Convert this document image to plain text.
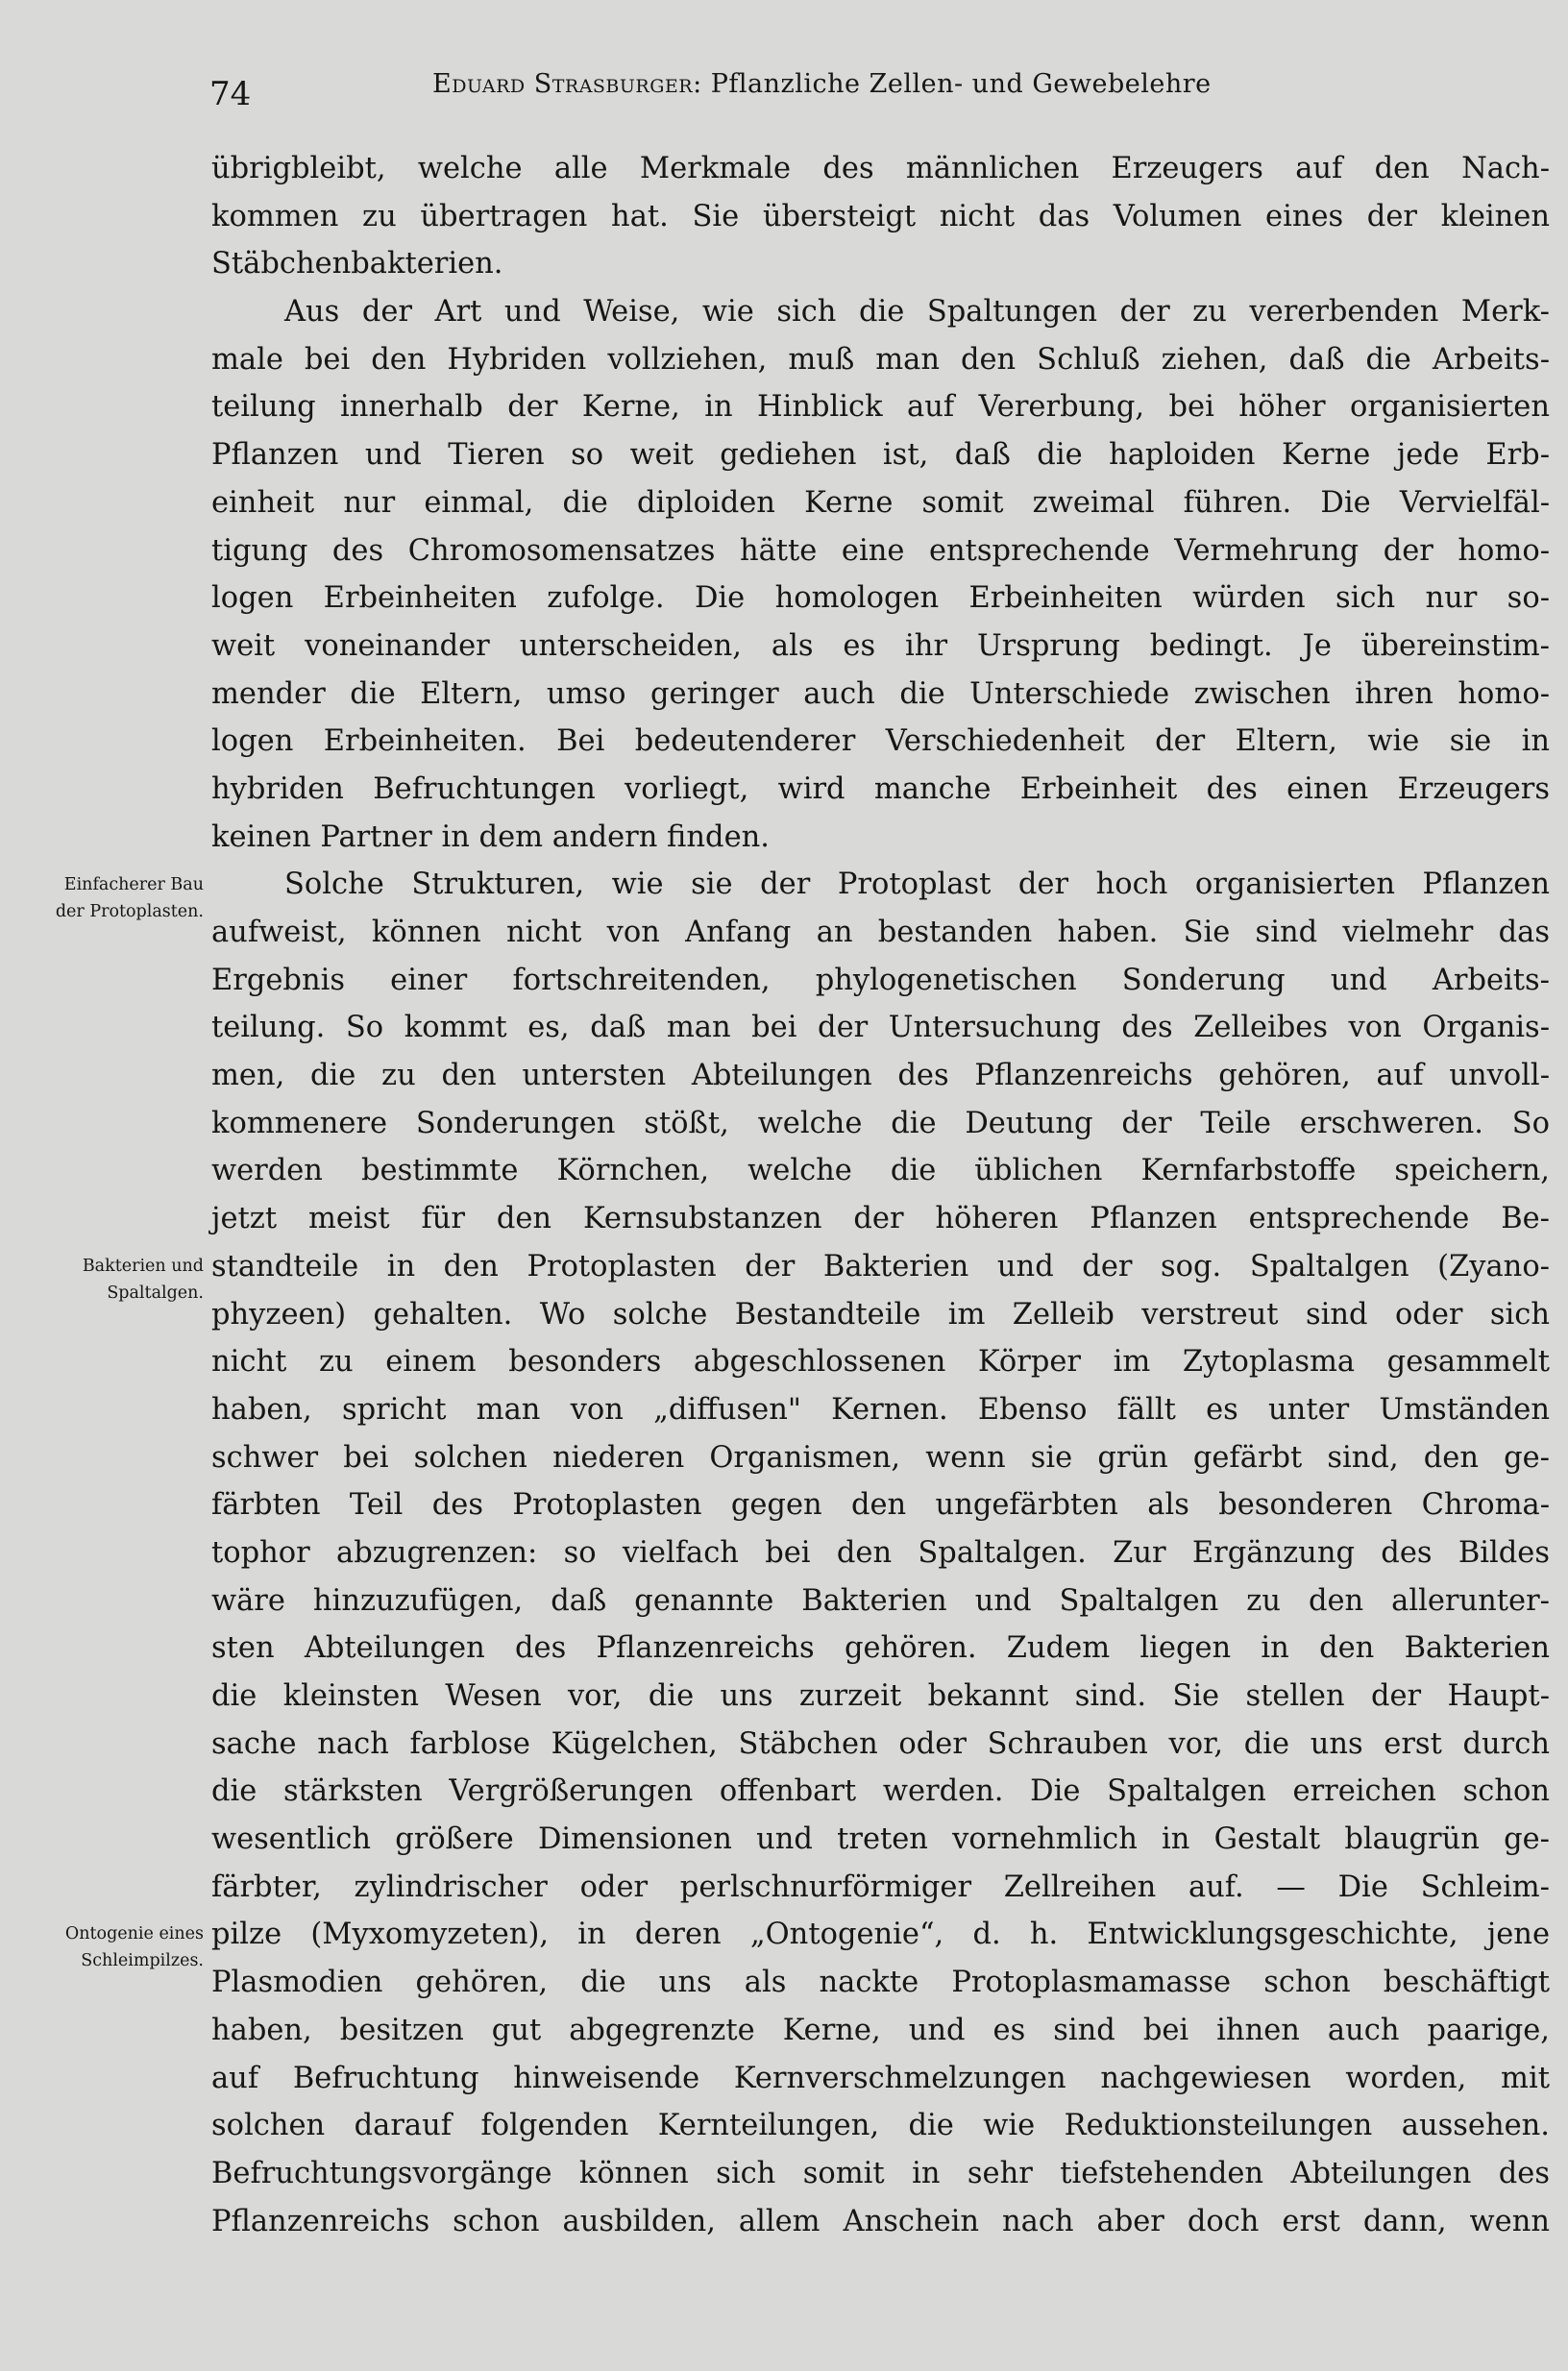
74	Eduard Strasburger: Pflanzliche Zellen- und Gewebelehre
Einfacherer Bau
der Protoplasten.
Bakterien und
Spaltalgen.
Ontogenie eines
Schleimpilzes.
übrigbleibt, welche alle Merkmale des männlichen Erzeugers auf den Nach-
kommen zu übertragen hat. Sie übersteigt nicht das Volumen eines der kleinen
Stäbchenbakterien.
Aus der Art und Weise, wie sich die Spaltungen der zu vererbenden Merk-
male bei den Hybriden vollziehen, muß man den Schluß ziehen, daß die Arbeits-
teilung innerhalb der Kerne, in Hinblick auf Vererbung, bei höher organisierten
Pflanzen und Tieren so weit gediehen ist, daß die haploiden Kerne jede Erb-
einheit nur einmal, die diploiden Kerne somit zweimal führen. Die Vervielfäl-
tigung des Chromosomensatzes hätte eine entsprechende Vermehrung der homo-
logen Erbeinheiten zufolge. Die homologen Erbeinheiten würden sich nur so-
weit voneinander unterscheiden, als es ihr Ursprung bedingt. Je übereinstim-
mender die Eltern, umso geringer auch die Unterschiede zwischen ihren homo-
logen Erbeinheiten. Bei bedeutenderer Verschiedenheit der Eltern, wie sie in
hybriden Befruchtungen vorliegt, wird manche Erbeinheit des einen Erzeugers
keinen Partner in dem andern finden.
Solche Strukturen, wie sie der Protoplast der hoch organisierten Pflanzen
aufweist, können nicht von Anfang an bestanden haben. Sie sind vielmehr das
Ergebnis einer fortschreitenden, phylogenetischen Sonderung und Arbeits-
teilung. So kommt es, daß man bei der Untersuchung des Zelleibes von Organis-
men, die zu den untersten Abteilungen des Pflanzenreichs gehören, auf unvoll-
kommenere Sonderungen stößt, welche die Deutung der Teile erschweren. So
werden bestimmte Körnchen, welche die üblichen Kernfarbstoffe speichern,
jetzt meist für den Kernsubstanzen der höheren Pflanzen entsprechende Be-
standteile in den Protoplasten der Bakterien und der sog. Spaltalgen (Zyano-
phyzeen) gehalten. Wo solche Bestandteile im Zelleib verstreut sind oder sich
nicht zu einem besonders abgeschlossenen Körper im Zytoplasma gesammelt
haben, spricht man von „diffusen" Kernen. Ebenso fällt es unter Umständen
schwer bei solchen niederen Organismen, wenn sie grün gefärbt sind, den ge-
färbten Teil des Protoplasten gegen den ungefärbten als besonderen Chroma-
tophor abzugrenzen: so vielfach bei den Spaltalgen. Zur Ergänzung des Bildes
wäre hinzuzufügen, daß genannte Bakterien und Spaltalgen zu den allerunter-
sten Abteilungen des Pflanzenreichs gehören. Zudem liegen in den Bakterien
die kleinsten Wesen vor, die uns zurzeit bekannt sind. Sie stellen der Haupt-
sache nach farblose Kügelchen, Stäbchen oder Schrauben vor, die uns erst durch
die stärksten Vergrößerungen offenbart werden. Die Spaltalgen erreichen schon
wesentlich größere Dimensionen und treten vornehmlich in Gestalt blaugrün ge-
färbter, zylindrischer oder perlschnurförmiger Zellreihen auf. — Die Schleim-
pilze (Myxomyzeten), in deren „Ontogenie“, d. h. Entwicklungsgeschichte, jene
Plasmodien gehören, die uns als nackte Protoplasmamasse schon beschäftigt
haben, besitzen gut abgegrenzte Kerne, und es sind bei ihnen auch paarige,
auf Befruchtung hinweisende Kernverschmelzungen nachgewiesen worden, mit
solchen darauf folgenden Kernteilungen, die wie Reduktionsteilungen aussehen.
Befruchtungsvorgänge können sich somit in sehr tiefstehenden Abteilungen des
Pflanzenreichs schon ausbilden, allem Anschein nach aber doch erst dann, wenn
